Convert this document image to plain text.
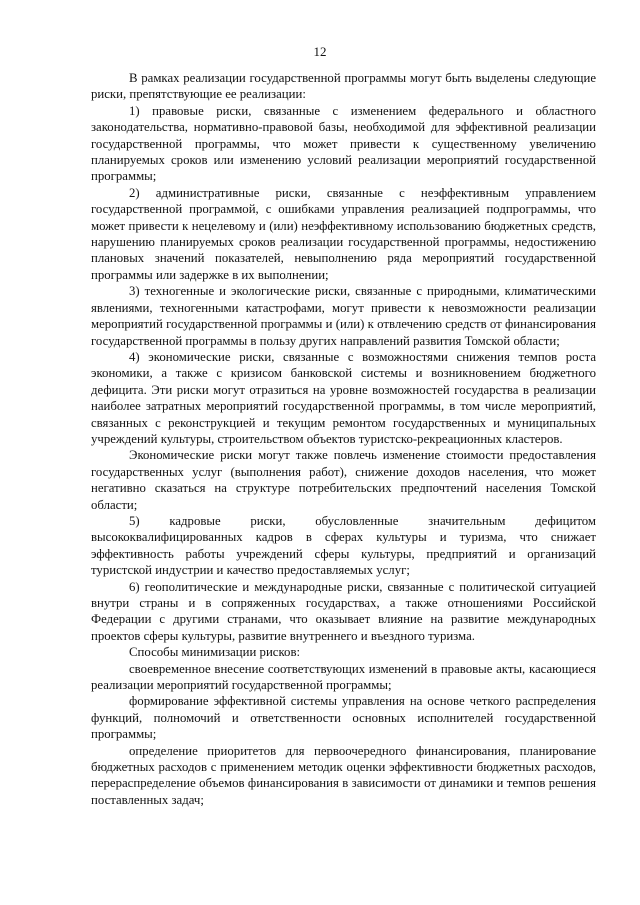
12

В рамках реализации государственной программы могут быть выделены следующие риски, препятствующие ее реализации:

1) правовые риски, связанные с изменением федерального и областного законодательства, нормативно-правовой базы, необходимой для эффективной реализации государственной программы, что может привести к существенному увеличению планируемых сроков или изменению условий реализации мероприятий государственной программы;

2) административные риски, связанные с неэффективным управлением государственной программой, с ошибками управления реализацией подпрограммы, что может привести к нецелевому и (или) неэффективному использованию бюджетных средств, нарушению планируемых сроков реализации государственной программы, недостижению плановых значений показателей, невыполнению ряда мероприятий государственной программы или задержке в их выполнении;

3) техногенные и экологические риски, связанные с природными, климатическими явлениями, техногенными катастрофами, могут привести к невозможности реализации мероприятий государственной программы и (или) к отвлечению средств от финансирования государственной программы в пользу других направлений развития Томской области;

4) экономические риски, связанные с возможностями снижения темпов роста экономики, а также с кризисом банковской системы и возникновением бюджетного дефицита. Эти риски могут отразиться на уровне возможностей государства в реализации наиболее затратных мероприятий государственной программы, в том числе мероприятий, связанных с реконструкцией и текущим ремонтом государственных и муниципальных учреждений культуры, строительством объектов туристско-рекреационных кластеров.

Экономические риски могут также повлечь изменение стоимости предоставления государственных услуг (выполнения работ), снижение доходов населения, что может негативно сказаться на структуре потребительских предпочтений населения Томской области;

5) кадровые риски, обусловленные значительным дефицитом высококвалифицированных кадров в сферах культуры и туризма, что снижает эффективность работы учреждений сферы культуры, предприятий и организаций туристской индустрии и качество предоставляемых услуг;

6) геополитические и международные риски, связанные с политической ситуацией внутри страны и в сопряженных государствах, а также отношениями Российской Федерации с другими странами, что оказывает влияние на развитие международных проектов сферы культуры, развитие внутреннего и въездного туризма.

Способы минимизации рисков:

своевременное внесение соответствующих изменений в правовые акты, касающиеся реализации мероприятий государственной программы;

формирование эффективной системы управления на основе четкого распределения функций, полномочий и ответственности основных исполнителей государственной программы;

определение приоритетов для первоочередного финансирования, планирование бюджетных расходов с применением методик оценки эффективности бюджетных расходов, перераспределение объемов финансирования в зависимости от динамики и темпов решения поставленных задач;
